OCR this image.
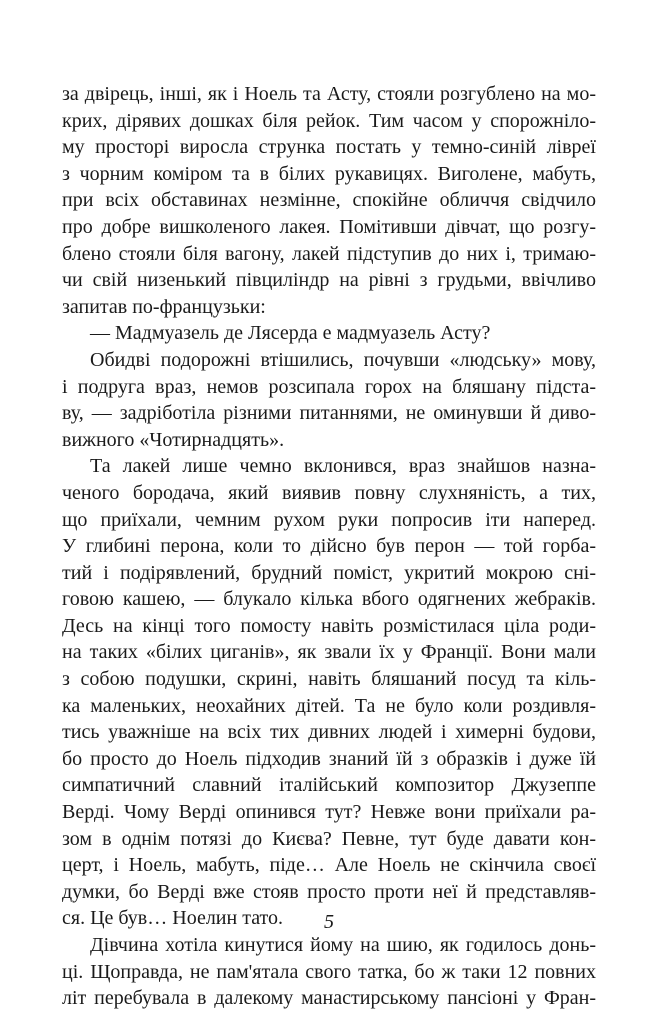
за двірець, інші, як і Ноель та Асту, стояли розгублено на мо-
крих, дірявих дошках біля рейок. Тим часом у спорожніло-
му просторі виросла струнка постать у темно-синій ліврeї
з чорним коміром та в білих рукавицях. Виголене, мабуть,
при всіх обставинах незмінне, спокійне обличчя свідчило
про добре вишколеного лакея. Помітивши дівчат, що розгу-
блено стояли біля вагону, лакей підступив до них і, тримаю-
чи свій низенький півциліндр на рівні з грудьми, ввічливо
запитав по-французьки:
— Мадмуазель де Лясерда е мадмуазель Асту?
Обидві подорожні втішились, почувши «людську» мову,
і подруга враз, немов розсипала горох на бляшану підста-
ву, — задріботіла різними питаннями, не оминувши й диво-
вижного «Чотирнадцять».
Та лакей лише чемно вклонився, враз знайшов назна-
ченого бородача, який виявив повну слухняність, а тих,
що приїхали, чемним рухом руки попросив іти наперед.
У глибині перона, коли то дійсно був перон — той горба-
тий і подірявлений, брудний поміст, укритий мокрою сні-
говою кашею, — блукало кілька вбого одягнених жебраків.
Десь на кінці того помосту навіть розмістилася ціла роди-
на таких «білих циганів», як звали їх у Франції. Вони мали
з собою подушки, скрині, навіть бляшаний посуд та кіль-
ка маленьких, неохайних дітей. Та не було коли роздивля-
тись уважніше на всіх тих дивних людей і химерні будови,
бо просто до Ноель підходив знаний їй з образків і дуже їй
симпатичний славний італійський композитор Джузеппе
Верді. Чому Верді опинився тут? Невже вони приїхали ра-
зом в однім потязі до Києва? Певне, тут буде давати кон-
церт, і Ноель, мабуть, піде… Але Ноель не скінчила своєї
думки, бо Верді вже стояв просто проти неї й представляв-
ся. Це був… Ноелин тато.
Дівчина хотіла кинутися йому на шию, як годилось донь-
ці. Щоправда, не пам'ятала свого татка, бо ж таки 12 повних
літ перебувала в далекому манастирському пансіоні у Фран-
5
